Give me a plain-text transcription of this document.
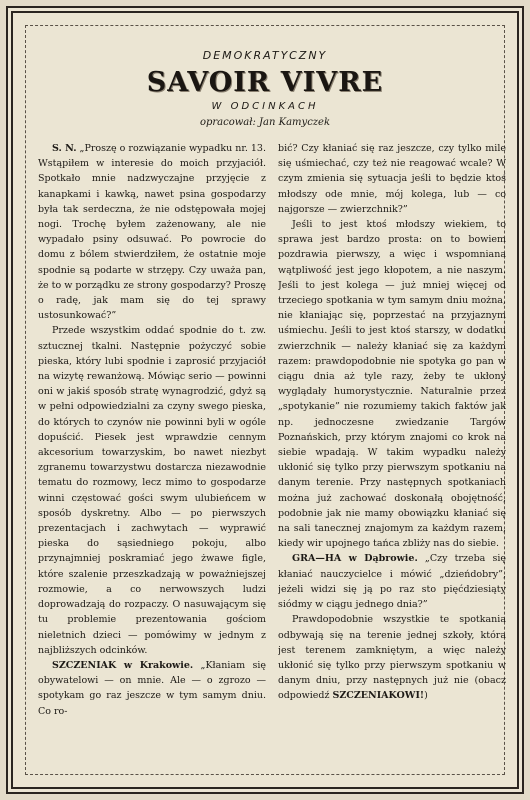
DEMOKRATYCZNY
SAVOIR VIVRE
W ODCINKACH
opracował: Jan Kamyczek

S. N. „Proszę o rozwiązanie wypadku nr. 13. Wstąpiłem w interesie do moich przyjaciół. Spotkało mnie nadzwyczajne przyjęcie z kanapkami i kawką, nawet psina gospodarzy była tak serdeczna, że nie odstępowała mojej nogi. Trochę byłem zażenowany, ale nie wypadało psiny odsuwać. Po powrocie do domu z bólem stwierdziłem, że ostatnie moje spodnie są podarte w strzępy. Czy uważa pan, że to w porządku ze strony gospodarzy? Proszę o radę, jak mam się do tej sprawy ustosunkować?”

Przede wszystkim oddać spodnie do t. zw. sztucznej tkalni. Następnie pożyczyć sobie pieska, który lubi spodnie i zaprosić przyjaciół na wizytę rewanżową. Mówiąc serio — powinni oni w jakiś sposób stratę wynagrodzić, gdyż są w pełni odpowiedzialni za czyny swego pieska, do których to czynów nie powinni byli w ogóle dopuścić. Piesek jest wprawdzie cennym akcesorium towarzyskim, bo nawet niezbyt zgranemu towarzystwu dostarcza niezawodnie tematu do rozmowy, lecz mimo to gospodarze winni częstować gości swym ulubieńcem w sposób dyskretny. Albo — po pierwszych prezentacjach i zachwytach — wyprawić pieska do sąsiedniego pokoju, albo przynajmniej poskramiać jego żwawe figle, które szalenie przeszkadzają w poważniejszej rozmowie, a co nerwowszych ludzi doprowadzają do rozpaczy. O nasuwającym się tu problemie prezentowania gościom nieletnich dzieci — pomówimy w jednym z najbliższych odcinków.

SZCZENIAK w Krakowie. „Kłaniam się obywatelowi — on mnie. Ale — o zgrozo — spotykam go raz jeszcze w tym samym dniu. Co ro-

bić? Czy kłaniać się raz jeszcze, czy tylko mile się uśmiechać, czy też nie reagować wcale? W czym zmienia się sytuacja jeśli to będzie ktoś młodszy ode mnie, mój kolega, lub — co najgorsze — zwierzchnik?”

Jeśli to jest ktoś młodszy wiekiem, to sprawa jest bardzo prosta: on to bowiem pozdrawia pierwszy, a więc i wspomniana wątpliwość jest jego kłopotem, a nie naszym. Jeśli to jest kolega — już mniej więcej od trzeciego spotkania w tym samym dniu można, nie kłaniając się, poprzestać na przyjaznym uśmiechu. Jeśli to jest ktoś starszy, w dodatku zwierzchnik — należy kłaniać się za każdym razem: prawdopodobnie nie spotyka go pan w ciągu dnia aż tyle razy, żeby te ukłony wyglądały humorystycznie. Naturalnie przez „spotykanie” nie rozumiemy takich faktów jak np. jednoczesne zwiedzanie Targów Poznańskich, przy którym znajomi co krok na siebie wpadają. W takim wypadku należy ukłonić się tylko przy pierwszym spotkaniu na danym terenie. Przy następnych spotkaniach można już zachować doskonałą obojętność, podobnie jak nie mamy obowiązku kłaniać się na sali tanecznej znajomym za każdym razem, kiedy wir upojnego tańca zbliży nas do siebie.

GRA—HA w Dąbrowie. „Czy trzeba się kłaniać nauczycielce i mówić „dzieńdobry”, jeżeli widzi się ją po raz sto pięćdziesiąty siódmy w ciągu jednego dnia?”

Prawdopodobnie wszystkie te spotkania odbywają się na terenie jednej szkoły, która jest terenem zamkniętym, a więc należy ukłonić się tylko przy pierwszym spotkaniu w danym dniu, przy następnych już nie (obacz odpowiedź SZCZENIAKOWI!)
